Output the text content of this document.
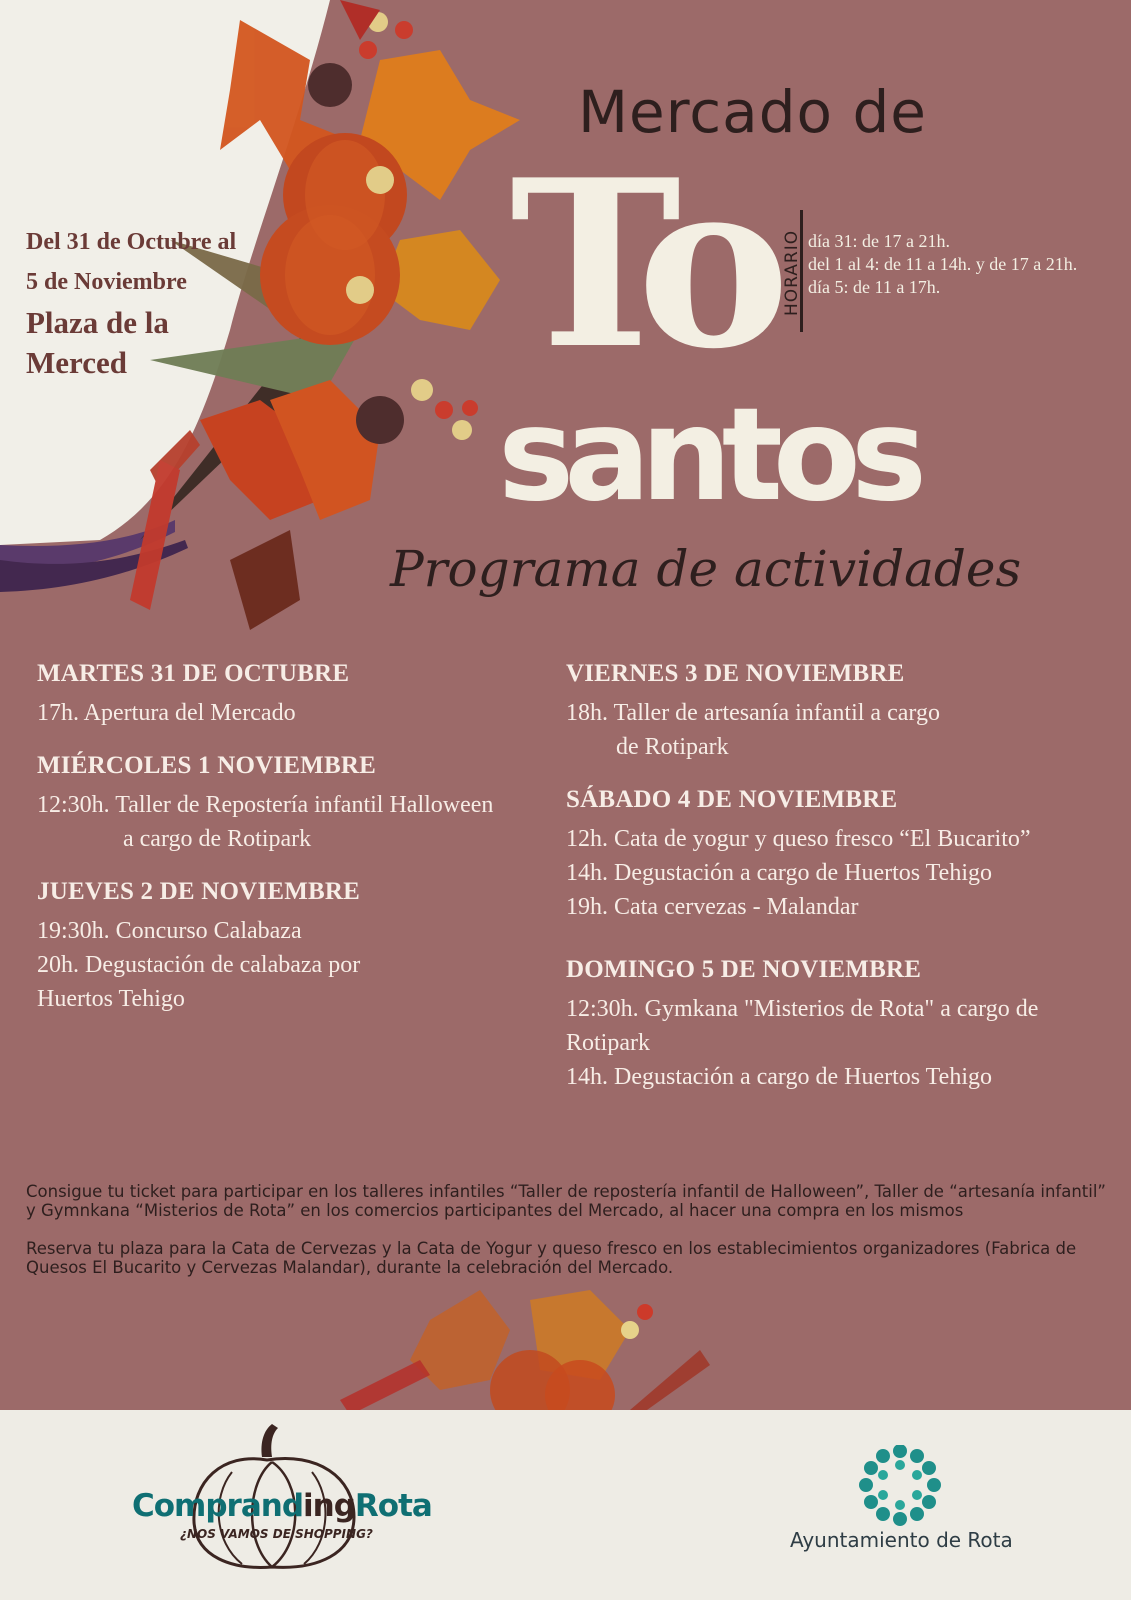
Mercado de
To
santos
Programa de actividades
HORARIO día 31: de 17 a 21h.
del 1 al 4: de 11 a 14h. y de 17 a 21h.
día 5: de 11 a 17h.
Del 31 de Octubre al
5 de Noviembre
Plaza de la
Merced
MARTES 31 DE OCTUBRE

17h. Apertura del Mercado

MIÉRCOLES 1 NOVIEMBRE

12:30h. Taller de Repostería infantil Halloween

a cargo de Rotipark

JUEVES 2 DE NOVIEMBRE

19:30h. Concurso Calabaza

20h. Degustación de calabaza por

Huertos Tehigo

VIERNES 3 DE NOVIEMBRE

18h. Taller de artesanía infantil a cargo

de Rotipark

SÁBADO 4 DE NOVIEMBRE

12h. Cata de yogur y queso fresco “El Bucarito”

14h. Degustación a cargo de Huertos Tehigo

19h. Cata cervezas - Malandar

DOMINGO 5 DE NOVIEMBRE

12:30h. Gymkana "Misterios de Rota" a cargo de

Rotipark

14h. Degustación a cargo de Huertos Tehigo

Consigue tu ticket para participar en los talleres infantiles “Taller de repostería infantil de Halloween”, Taller de “artesanía infantil” y Gymnkana “Misterios de Rota” en los comercios participantes del Mercado, al hacer una compra en los mismos

Reserva tu plaza para la Cata de Cervezas y la Cata de Yogur y queso fresco en los establecimientos organizadores (Fabrica de Quesos El Bucarito y Cervezas Malandar), durante la celebración del Mercado.

ComprandingRota
¿NOS VAMOS DE SHOPPING?	Ayuntamiento de Rota
